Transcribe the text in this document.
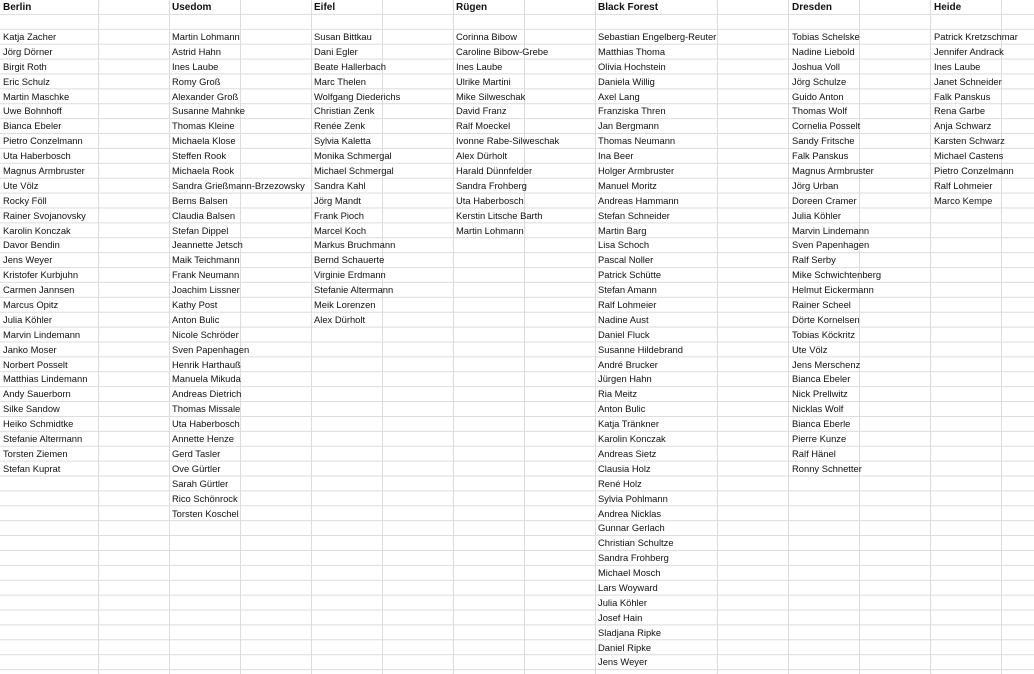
Berlin
Katja Zacher
Jörg Dörner
Birgit Roth
Eric Schulz
Martin Maschke
Uwe Bohnhoff
Bianca Ebeler
Pietro Conzelmann
Uta Haberbosch
Magnus Armbruster
Ute Völz
Rocky Föll
Rainer Svojanovsky
Karolin Konczak
Davor Bendin
Jens Weyer
Kristofer Kurbjuhn
Carmen Jannsen
Marcus Opitz
Julia Köhler
Marvin Lindemann
Janko Moser
Norbert Posselt
Matthias Lindemann
Andy Sauerborn
Silke Sandow
Heiko Schmidtke
Stefanie Altermann
Torsten Ziemen
Stefan Kuprat
Usedom
Martin Lohmann
Astrid Hahn
Ines Laube
Romy Groß
Alexander Groß
Susanne Mahnke
Thomas Kleine
Michaela Klose
Steffen Rook
Michaela Rook
Sandra Grießmann-Brzezowsky
Berns Balsen
Claudia Balsen
Stefan Dippel
Jeannette Jetsch
Maik Teichmann
Frank Neumann
Joachim Lissner
Kathy Post
Anton Bulic
Nicole Schröder
Sven Papenhagen
Henrik Harthauß
Manuela Mikuda
Andreas Dietrich
Thomas Missale
Uta Haberbosch
Annette Henze
Gerd Tasler
Ove Gürtler
Sarah Gürtler
Rico Schönrock
Torsten Koschel
Eifel
Susan Bittkau
Dani Egler
Beate Hallerbach
Marc Thelen
Wolfgang Diederichs
Christian Zenk
Renée Zenk
Sylvia Kaletta
Monika Schmergal
Michael Schmergal
Sandra Kahl
Jörg Mandt
Frank Pioch
Marcel Koch
Markus Bruchmann
Bernd Schauerte
Virginie Erdmann
Stefanie Altermann
Meik Lorenzen
Alex Dürholt
Rügen
Corinna Bibow
Caroline Bibow-Grebe
Ines Laube
Ulrike Martini
Mike Silweschak
David Franz
Ralf Moeckel
Ivonne Rabe-Silweschak
Alex Dürholt
Harald Dünnfelder
Sandra Frohberg
Uta Haberbosch
Kerstin Litsche Barth
Martin Lohmann
Black Forest
Sebastian Engelberg-Reuter
Matthias Thoma
Olivia Hochstein
Daniela Willig
Axel Lang
Franziska Thren
Jan Bergmann
Thomas Neumann
Ina Beer
Holger Armbruster
Manuel Moritz
Andreas Hammann
Stefan Schneider
Martin Barg
Lisa Schoch
Pascal Noller
Patrick Schütte
Stefan Amann
Ralf Lohmeier
Nadine Aust
Daniel Fluck
Susanne Hildebrand
André Brucker
Jürgen Hahn
Ria Meitz
Anton Bulic
Katja Tränkner
Karolin Konczak
Andreas Sietz
Clausia Holz
René Holz
Sylvia Pohlmann
Andrea Nicklas
Gunnar Gerlach
Christian Schultze
Sandra Frohberg
Michael Mosch
Lars Woyward
Julia Köhler
Josef Hain
Sladjana Ripke
Daniel Ripke
Jens Weyer
Dresden
Tobias Schelske
Nadine Liebold
Joshua Voll
Jörg Schulze
Guido Anton
Thomas Wolf
Cornelia Posselt
Sandy Fritsche
Falk Panskus
Magnus Armbruster
Jörg Urban
Doreen Cramer
Julia Köhler
Marvin Lindemann
Sven Papenhagen
Ralf Serby
Mike Schwichtenberg
Helmut Eickermann
Rainer Scheel
Dörte Kornelsen
Tobias Köckritz
Ute Völz
Jens Merschenz
Bianca Ebeler
Nick Prellwitz
Nicklas Wolf
Bianca Eberle
Pierre Kunze
Ralf Hänel
Ronny Schnetter
Heide
Patrick Kretzschmar
Jennifer Andrack
Ines Laube
Janet Schneider
Falk Panskus
Rena Garbe
Anja Schwarz
Karsten Schwarz
Michael Castens
Pietro Conzelmann
Ralf Lohmeier
Marco Kempe
